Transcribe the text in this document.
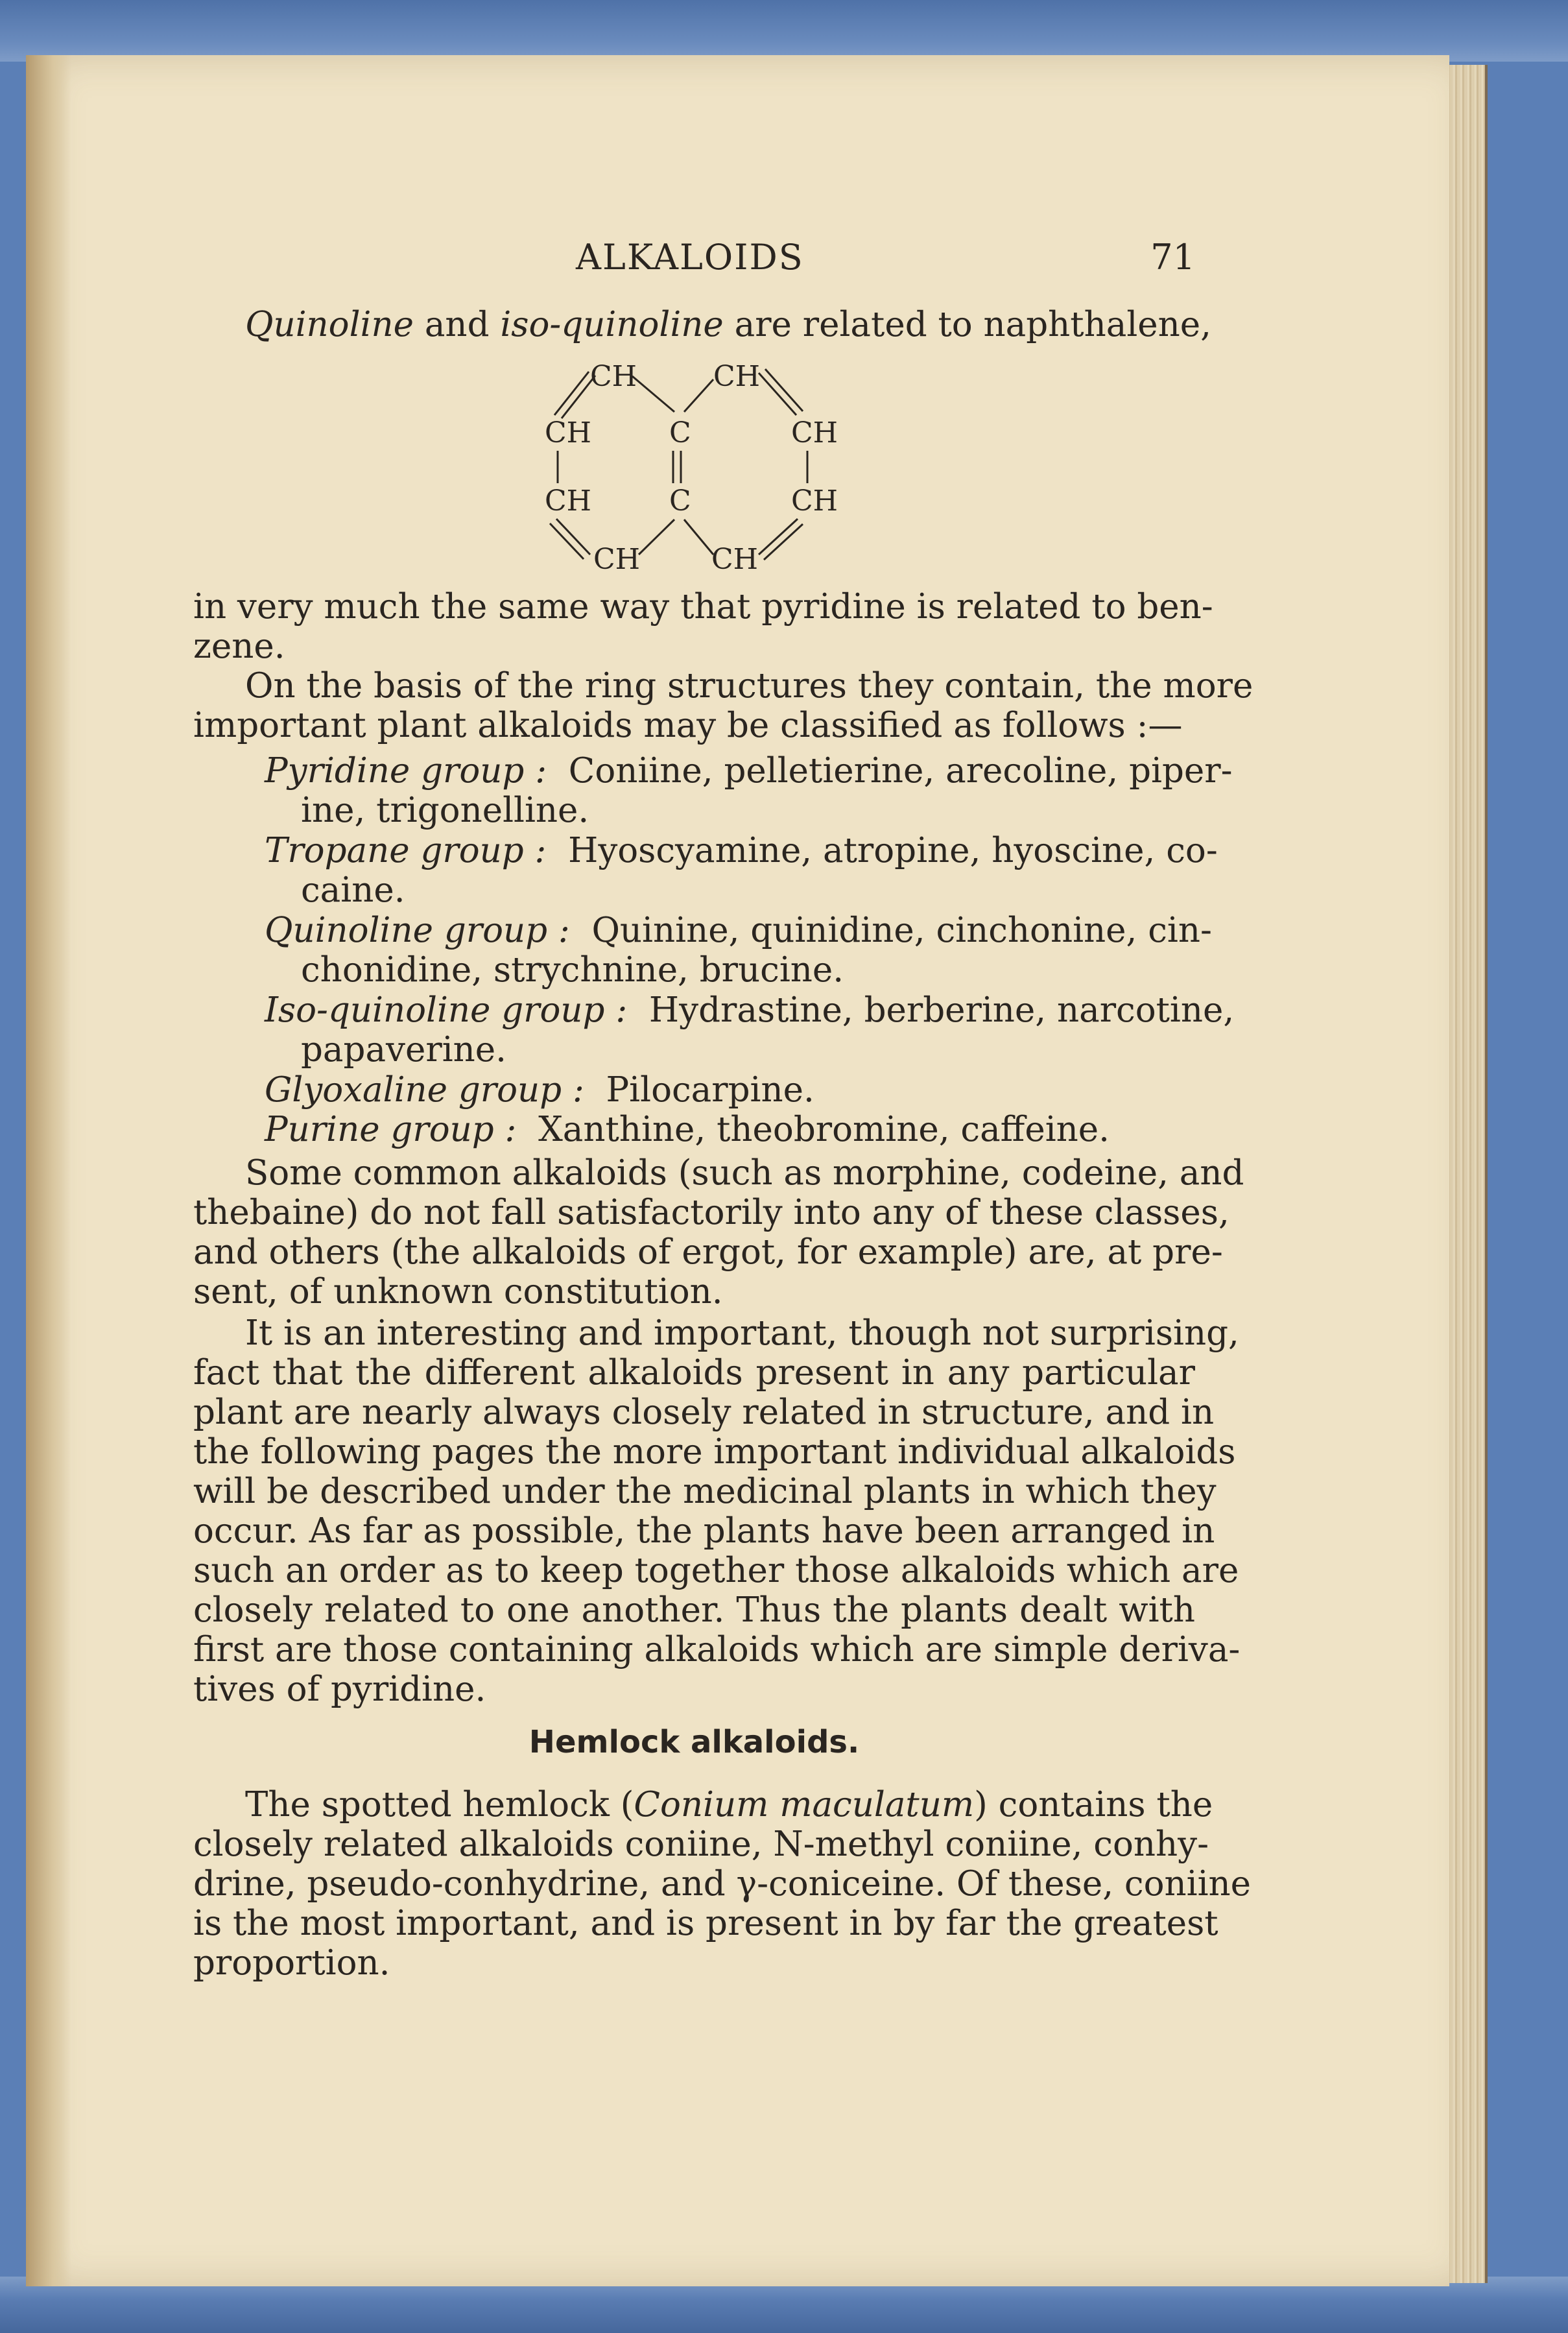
ALKALOIDS	71
Quinoline and iso-quinoline are related to naphthalene,
CH	CH
CH	C	CH
CH	C	CH
CH CH
in very much the same way that pyridine is related to ben-
zene.
On the basis of the ring structures they contain, the more
important plant alkaloids may be classified as follows :—
Pyridine group : Coniine, pelletierine, arecoline, piper-
ine, trigonelline.
Tropane group : Hyoscyamine, atropine, hyoscine, co-
caine.
Quinoline group : Quinine, quinidine, cinchonine, cin-
chonidine, strychnine, brucine.
Iso-quinoline group : Hydrastine, berberine, narcotine,
papaverine.
Glyoxaline group : Pilocarpine.
Purine group : Xanthine, theobromine, caffeine.
Some common alkaloids (such as morphine, codeine, and
thebaine) do not fall satisfactorily into any of these classes,
and others (the alkaloids of ergot, for example) are, at pre-
sent, of unknown constitution.
It is an interesting and important, though not surprising,
fact that the different alkaloids present in any particular
plant are nearly always closely related in structure, and in
the following pages the more important individual alkaloids
will be described under the medicinal plants in which they
occur. As far as possible, the plants have been arranged in
such an order as to keep together those alkaloids which are
closely related to one another. Thus the plants dealt with
first are those containing alkaloids which are simple deriva-
tives of pyridine.
Hemlock alkaloids.
The spotted hemlock (Conium maculatum) contains the
closely related alkaloids coniine, N-methyl coniine, conhy-
drine, pseudo-conhydrine, and γ-coniceine. Of these, coniine
is the most important, and is present in by far the greatest
proportion.
